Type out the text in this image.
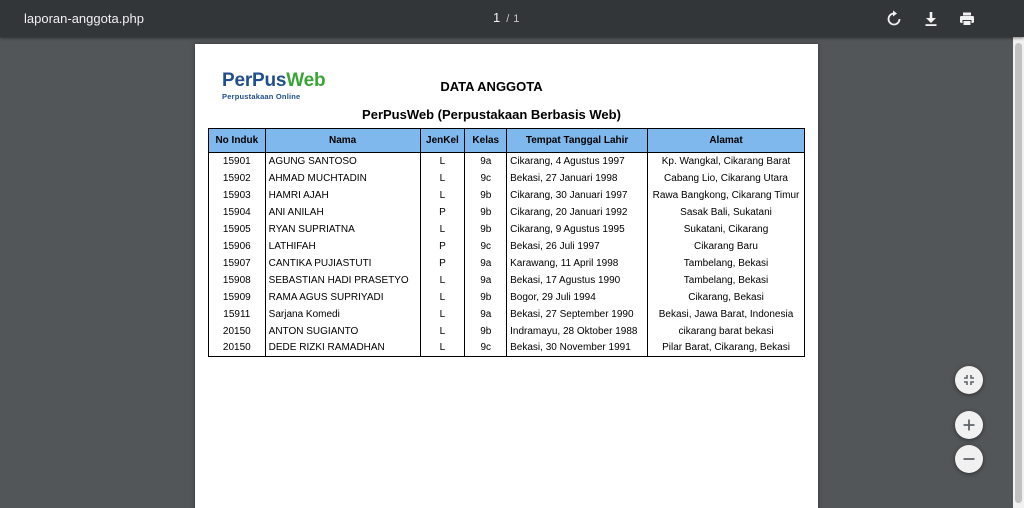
laporan-anggota.php	1 / 1
PerPusWeb
Perpustakaan Online
DATA ANGGOTA
PerPusWeb (Perpustakaan Berbasis Web)
No Induk	Nama	JenKel	Kelas	Tempat Tanggal Lahir	Alamat
15901	AGUNG SANTOSO	L	9a	Cikarang, 4 Agustus 1997	Kp. Wangkal, Cikarang Barat
15902	AHMAD MUCHTADIN	L	9c	Bekasi, 27 Januari 1998	Cabang Lio, Cikarang Utara
15903	HAMRI AJAH	L	9b	Cikarang, 30 Januari 1997	Rawa Bangkong, Cikarang Timur
15904	ANI ANILAH	P	9b	Cikarang, 20 Januari 1992	Sasak Bali, Sukatani
15905	RYAN SUPRIATNA	L	9b	Cikarang, 9 Agustus 1995	Sukatani, Cikarang
15906	LATHIFAH	P	9c	Bekasi, 26 Juli 1997	Cikarang Baru
15907	CANTIKA PUJIASTUTI	P	9a	Karawang, 11 April 1998	Tambelang, Bekasi
15908	SEBASTIAN HADI PRASETYO	L	9a	Bekasi, 17 Agustus 1990	Tambelang, Bekasi
15909	RAMA AGUS SUPRIYADI	L	9b	Bogor, 29 Juli 1994	Cikarang, Bekasi
15911	Sarjana Komedi	L	9a	Bekasi, 27 September 1990	Bekasi, Jawa Barat, Indonesia
20150	ANTON SUGIANTO	L	9b	Indramayu, 28 Oktober 1988	cikarang barat bekasi
20150	DEDE RIZKI RAMADHAN	L	9c	Bekasi, 30 November 1991	Pilar Barat, Cikarang, Bekasi
